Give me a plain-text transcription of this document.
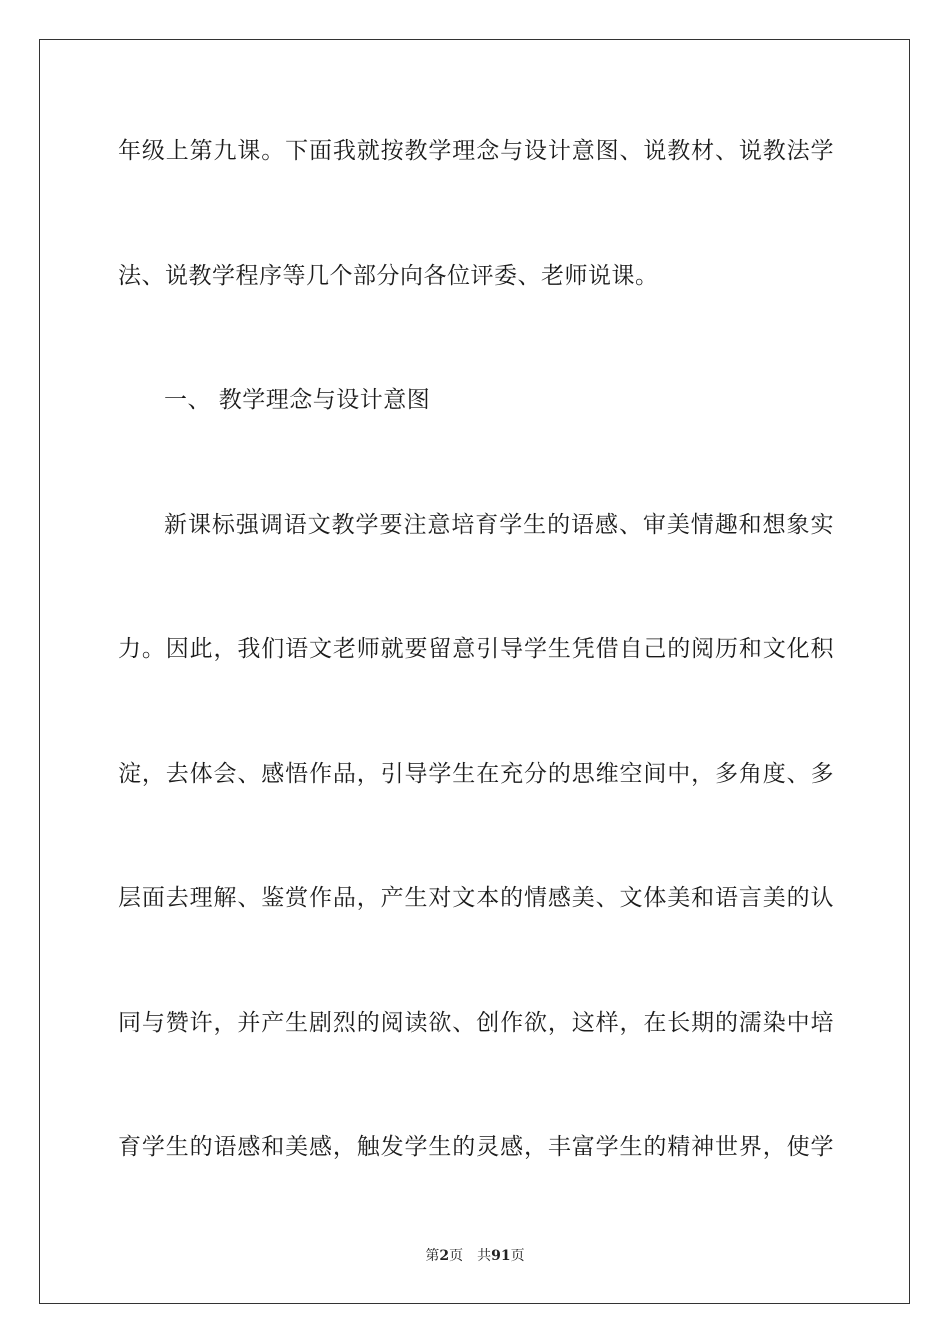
年级上第九课。下面我就按教学理念与设计意图、说教材、说教法学
法、说教学程序等几个部分向各位评委、老师说课。
一、 教学理念与设计意图
新课标强调语文教学要注意培育学生的语感、审美情趣和想象实
力。因此，我们语文老师就要留意引导学生凭借自己的阅历和文化积
淀，去体会、感悟作品，引导学生在充分的思维空间中，多角度、多
层面去理解、鉴赏作品，产生对文本的情感美、文体美和语言美的认
同与赞许，并产生剧烈的阅读欲、创作欲，这样，在长期的濡染中培
育学生的语感和美感，触发学生的灵感，丰富学生的精神世界，使学
第2页 共91页
